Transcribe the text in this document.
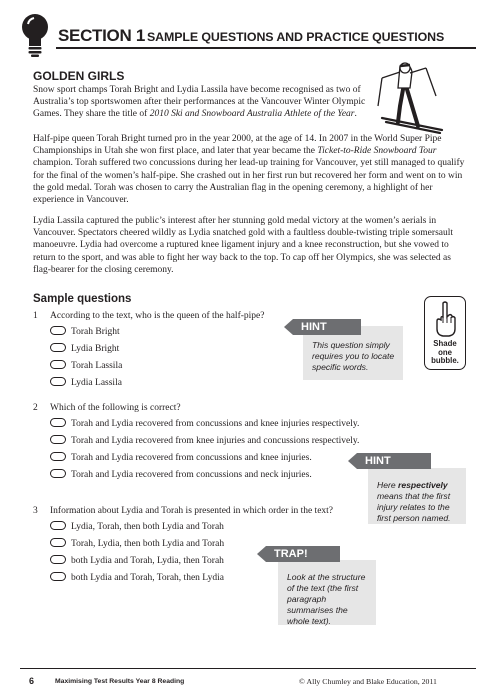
SECTION 1 SAMPLE QUESTIONS AND PRACTICE QUESTIONS
GOLDEN GIRLS

Snow sport champs Torah Bright and Lydia Lassila have become recognised as two of Australia’s top sportswomen after their performances at the Vancouver Winter Olympic Games. They share the title of 2010 Ski and Snowboard Australia Athlete of the Year.

Half-pipe queen Torah Bright turned pro in the year 2000, at the age of 14. In 2007 in the World Super Pipe Championships in Utah she won first place, and later that year became the Ticket-to-Ride Snowboard Tour champion. Torah suffered two concussions during her lead-up training for Vancouver, yet still managed to qualify for the final of the women’s half-pipe. She crashed out in her first run but recovered her form and went on to win the gold medal. Torah was chosen to carry the Australian flag in the opening ceremony, a highlight of her experience in Vancouver.

Lydia Lassila captured the public’s interest after her stunning gold medal victory at the women’s aerials in Vancouver. Spectators cheered wildly as Lydia snatched gold with a faultless double-twisting triple somersault manoeuvre. Lydia had overcome a ruptured knee ligament injury and a knee reconstruction, but she vowed to return to the sport, and was able to fight her way back to the top. To cap off her Olympics, she was selected as flag-bearer for the closing ceremony.

Sample questions
1 According to the text, who is the queen of the half-pipe?
Torah Bright
Lydia Bright
Torah Lassila
Lydia Lassila
This question simply requires you to locate specific words.
HINT
Shade
one
bubble.
2 Which of the following is correct?
Torah and Lydia recovered from concussions and knee injuries respectively.
Torah and Lydia recovered from knee injuries and concussions respectively.
Torah and Lydia recovered from concussions and knee injuries.
Torah and Lydia recovered from concussions and neck injuries.
Here respectively means that the first injury relates to the first person named.
HINT
3 Information about Lydia and Torah is presented in which order in the text?
Lydia, Torah, then both Lydia and Torah
Torah, Lydia, then both Lydia and Torah
both Lydia and Torah, Lydia, then Torah
both Lydia and Torah, Torah, then Lydia	Look at the structure of the text (the first paragraph summarises the whole text).
TRAP!
6	Maximising Test Results Year 8 Reading	© Ally Chumley and Blake Education, 2011
